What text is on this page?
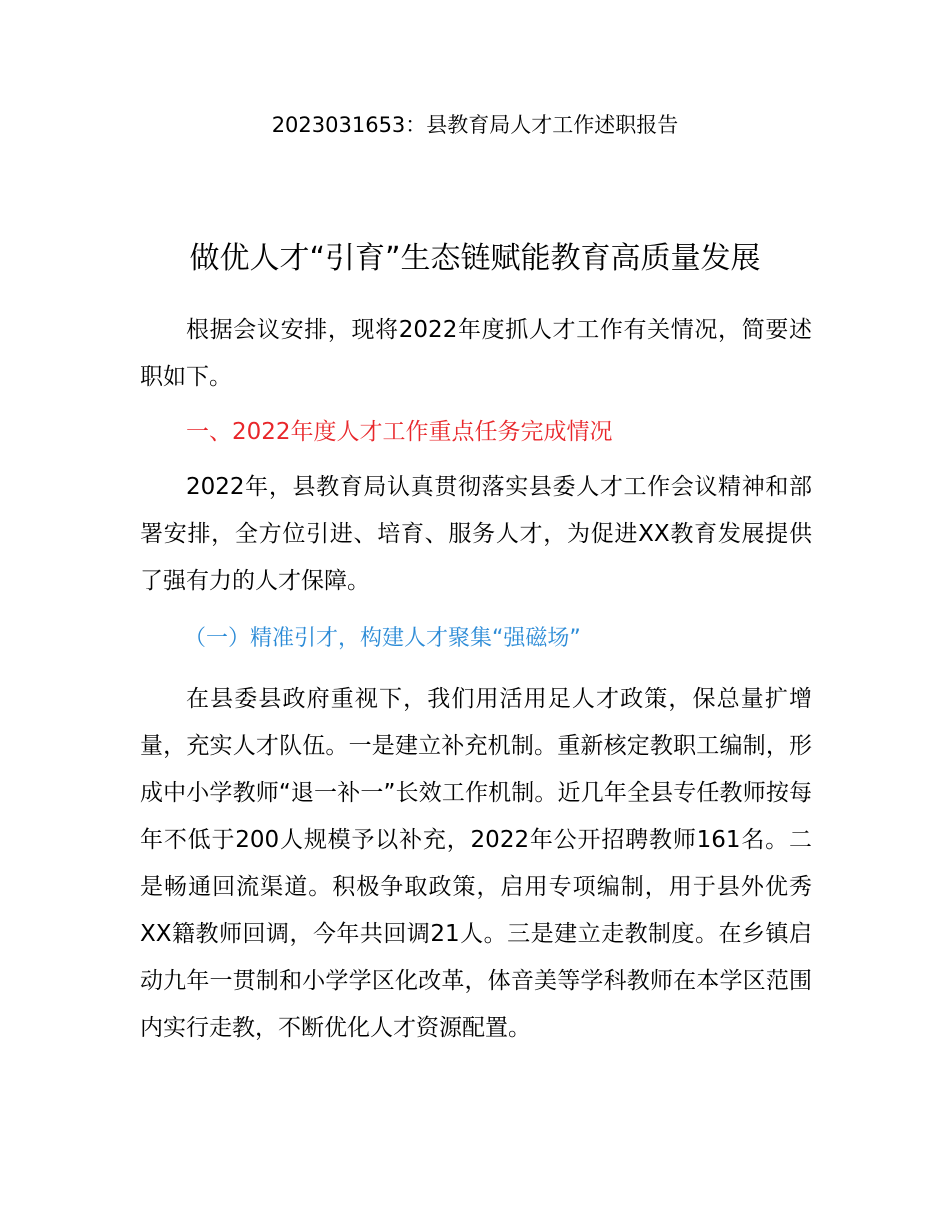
2023031653：县教育局人才工作述职报告
做优人才“引育”生态链赋能教育高质量发展

根据会议安排，现将2022年度抓人才工作有关情况，简要述职如下。

一、2022年度人才工作重点任务完成情况

2022年，县教育局认真贯彻落实县委人才工作会议精神和部署安排，全方位引进、培育、服务人才，为促进XX教育发展提供了强有力的人才保障。

（一）精准引才，构建人才聚集“强磁场”

在县委县政府重视下，我们用活用足人才政策，保总量扩增量，充实人才队伍。一是建立补充机制。重新核定教职工编制，形成中小学教师“退一补一”长效工作机制。近几年全县专任教师按每年不低于200人规模予以补充，2022年公开招聘教师161名。二是畅通回流渠道。积极争取政策，启用专项编制，用于县外优秀XX籍教师回调，今年共回调21人。三是建立走教制度。在乡镇启动九年一贯制和小学学区化改革，体音美等学科教师在本学区范围内实行走教，不断优化人才资源配置。
